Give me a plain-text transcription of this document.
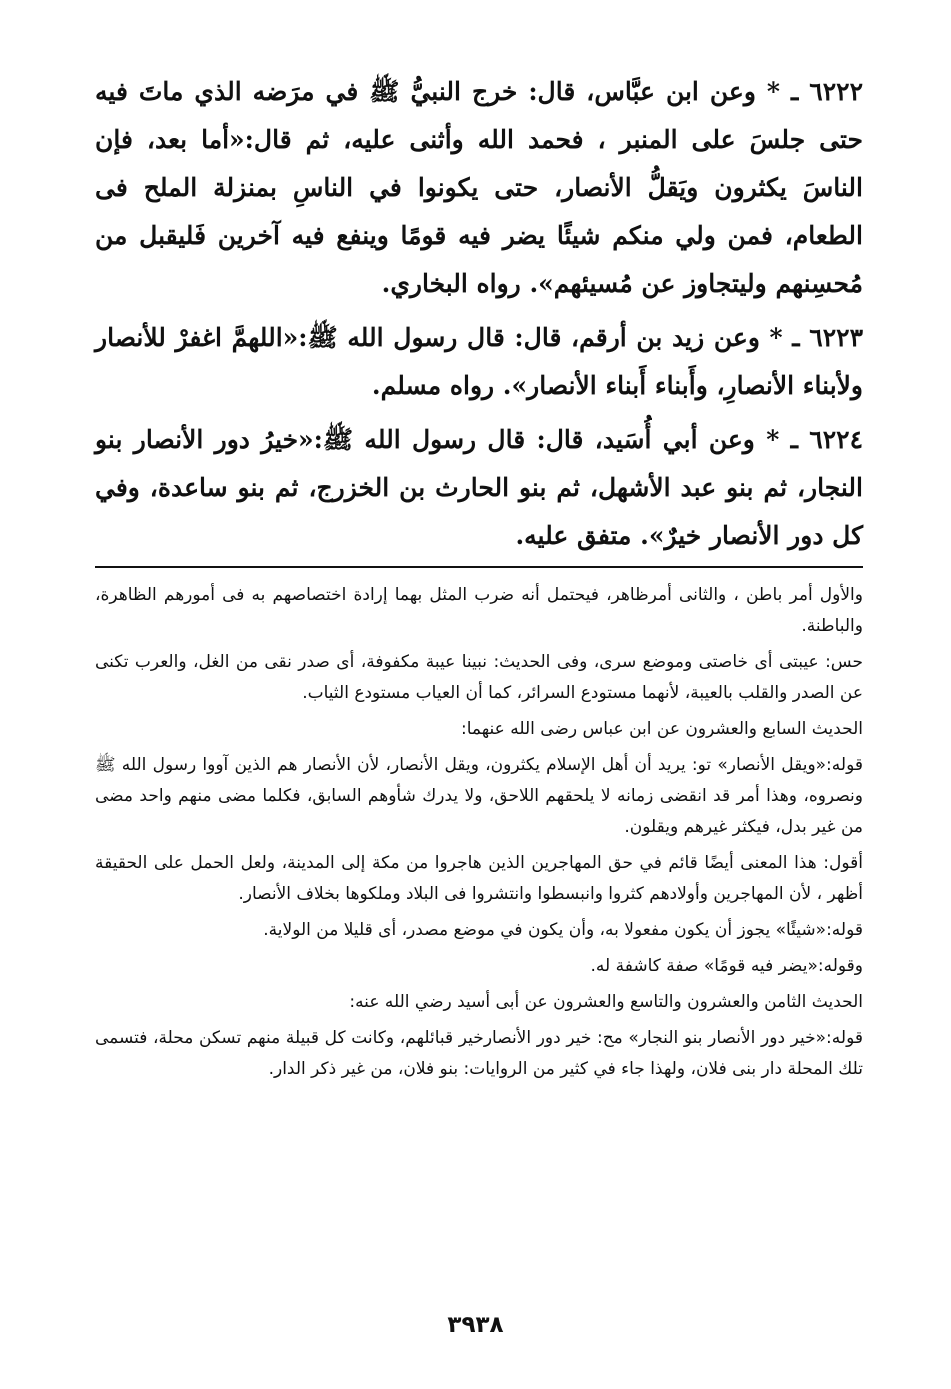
٦٢٢٢ ـ * وعن ابن عبَّاس، قال: خرج النبيُّ ﷺ في مرَضه الذي ماتَ فيه حتى جلسَ على المنبر ، فحمد الله وأثنى عليه، ثم قال:«أما بعد، فإن الناسَ يكثرون ويَقلُّ الأنصار، حتى يكونوا في الناسِ بمنزلة الملح فى الطعام، فمن ولي منكم شيئًا يضر فيه قومًا وينفع فيه آخرين فَليقبل من مُحسِنهم وليتجاوز عن مُسيئهم». رواه البخاري.

٦٢٢٣ ـ * وعن زيد بن أرقم، قال: قال رسول الله ﷺ:«اللهمَّ اغفرْ للأنصار ولأبناء الأنصارِ، وأَبناء أَبناء الأنصار». رواه مسلم.

٦٢٢٤ ـ * وعن أبي أُسَيد، قال: قال رسول الله ﷺ:«خيرُ دور الأنصار بنو النجار، ثم بنو عبد الأشهل، ثم بنو الحارث بن الخزرج، ثم بنو ساعدة، وفي كل دور الأنصار خيرٌ». متفق عليه.

والأول أمر باطن ، والثانى أمرظاهر، فيحتمل أنه ضرب المثل بهما إرادة اختصاصهم به فى أمورهم الظاهرة، والباطنة.

حس: عيبتى أى خاصتى وموضع سرى، وفى الحديث: نبينا عيبة مكفوفة، أى صدر نقى من الغل، والعرب تكنى عن الصدر والقلب بالعيبة، لأنهما مستودع السرائر، كما أن العياب مستودع الثياب.

الحديث السابع والعشرون عن ابن عباس رضى الله عنهما:

قوله:«ويقل الأنصار» تو: يريد أن أهل الإسلام يكثرون، ويقل الأنصار، لأن الأنصار هم الذين آووا رسول الله ﷺ ونصروه، وهذا أمر قد انقضى زمانه لا يلحقهم اللاحق، ولا يدرك شأوهم السابق، فكلما مضى منهم واحد مضى من غير بدل، فيكثر غيرهم ويقلون.

أقول: هذا المعنى أيضًا قائم في حق المهاجرين الذين هاجروا من مكة إلى المدينة، ولعل الحمل على الحقيقة أظهر ، لأن المهاجرين وأولادهم كثروا وانبسطوا وانتشروا فى البلاد وملكوها بخلاف الأنصار.

قوله:«شيئًا» يجوز أن يكون مفعولا به، وأن يكون في موضع مصدر، أى قليلا من الولاية.

وقوله:«يضر فيه قومًا» صفة كاشفة له.

الحديث الثامن والعشرون والتاسع والعشرون عن أبى أسيد رضي الله عنه:

قوله:«خير دور الأنصار بنو النجار» مح: خير دور الأنصارخير قبائلهم، وكانت كل قبيلة منهم تسكن محلة، فتسمى تلك المحلة دار بنى فلان، ولهذا جاء في كثير من الروايات: بنو فلان، من غير ذكر الدار.

٣٩٣٨
